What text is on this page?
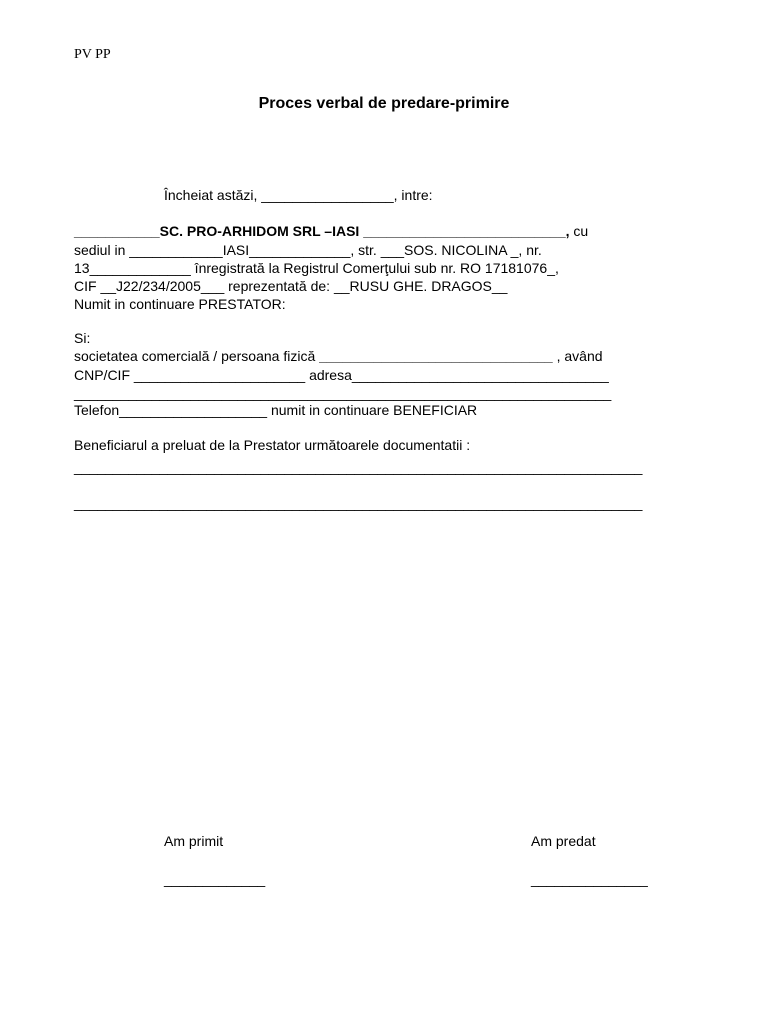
PV PP

Proces verbal de predare-primire

Încheiat astăzi, _________________, intre:

___________SC. PRO-ARHIDOM SRL –IASI __________________________, cu

sediul in ____________IASI_____________, str. ___SOS. NICOLINA _, nr.

13_____________ înregistrată la Registrul Comerţului sub nr. RO 17181076_,

CIF __J22/234/2005___ reprezentată de: __RUSU GHE. DRAGOS__

Numit in continuare PRESTATOR:

Si:

societatea comercială / persoana fizică ______________________________ , având

CNP/CIF ______________________ adresa_________________________________

_____________________________________________________________________

Telefon___________________ numit in continuare BENEFICIAR

Beneficiarul a preluat de la Prestator următoarele documentatii :

_________________________________________________________________________

_________________________________________________________________________

Am primit

_____________

Am predat

_______________
